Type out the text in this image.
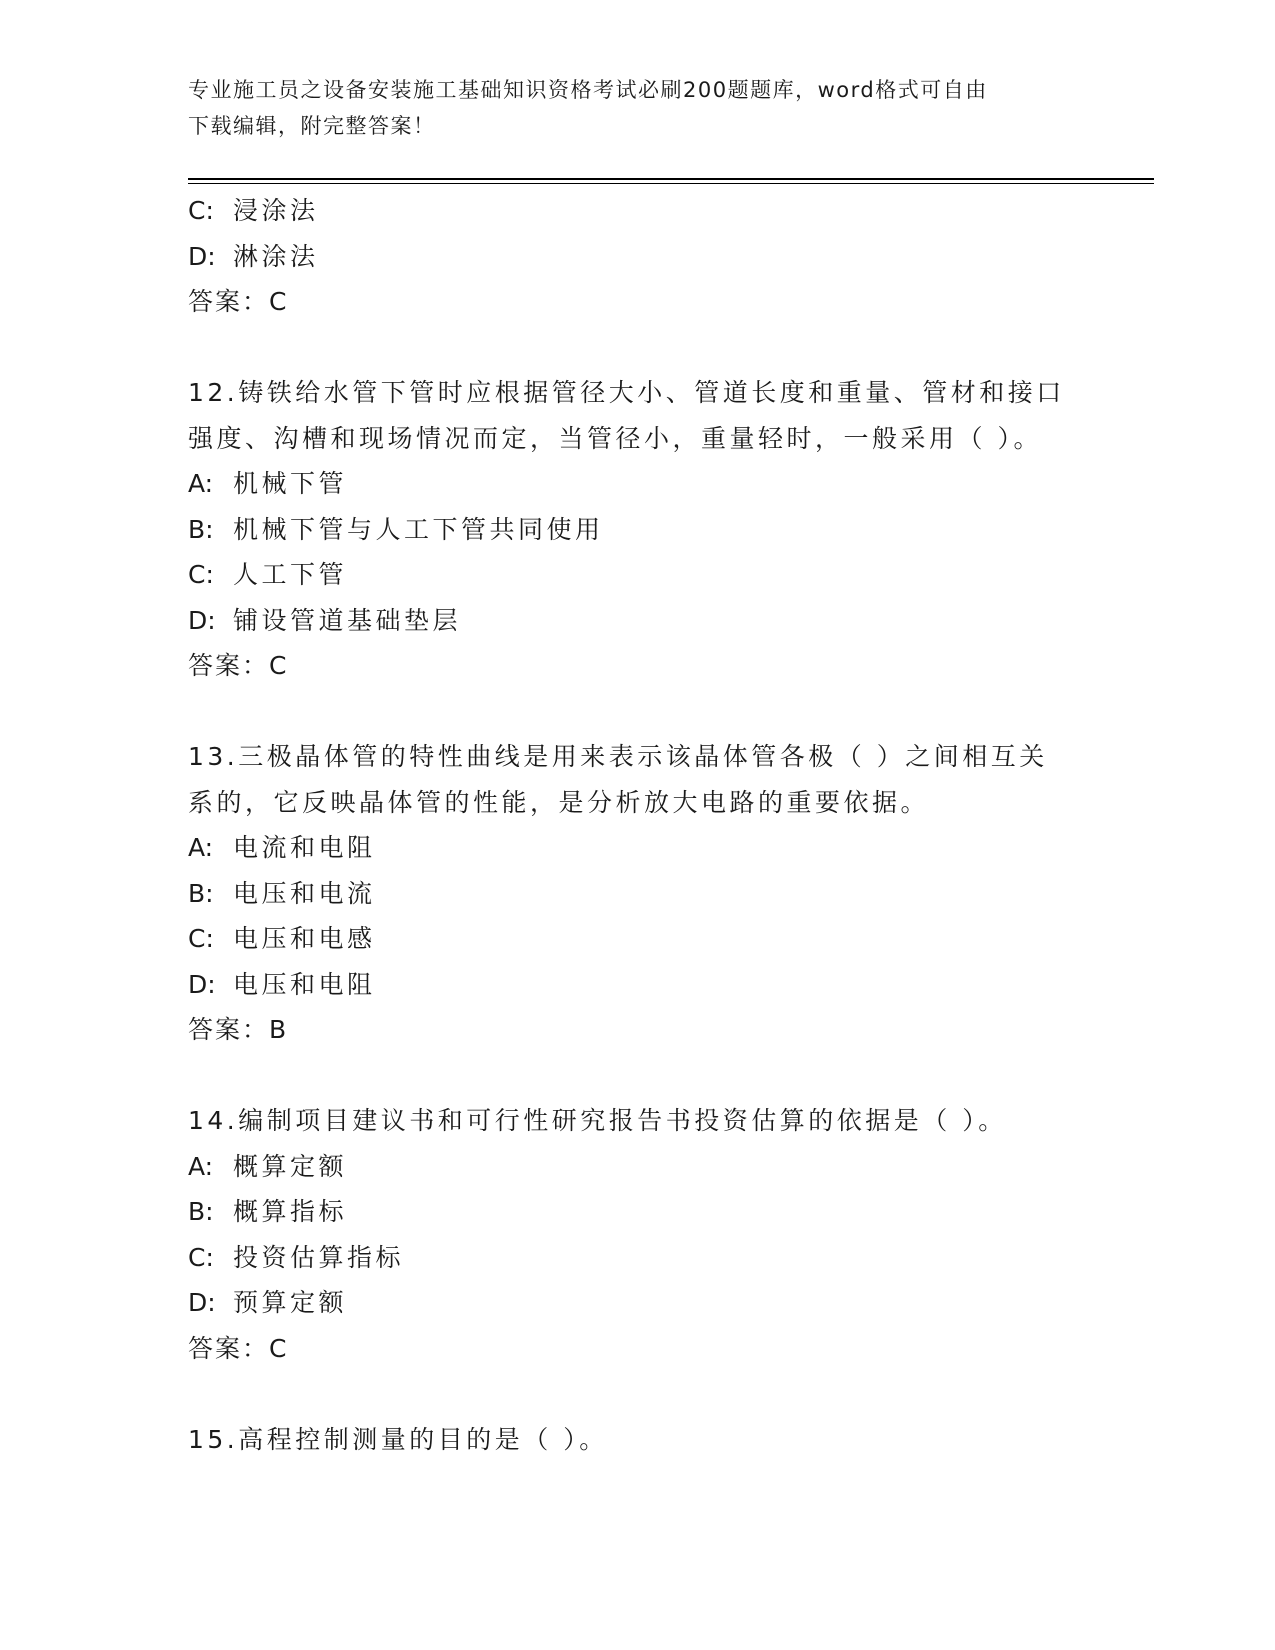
专业施工员之设备安装施工基础知识资格考试必刷200题题库，word格式可自由
下载编辑，附完整答案！
C: 浸涂法
D: 淋涂法
答案：C
12.铸铁给水管下管时应根据管径大小、管道长度和重量、管材和接口
强度、沟槽和现场情况而定，当管径小，重量轻时，一般采用（ ）。
A: 机械下管
B: 机械下管与人工下管共同使用
C: 人工下管
D: 铺设管道基础垫层
答案：C
13.三极晶体管的特性曲线是用来表示该晶体管各极（ ）之间相互关
系的，它反映晶体管的性能，是分析放大电路的重要依据。
A: 电流和电阻
B: 电压和电流
C: 电压和电感
D: 电压和电阻
答案：B
14.编制项目建议书和可行性研究报告书投资估算的依据是（ ）。
A: 概算定额
B: 概算指标
C: 投资估算指标
D: 预算定额
答案：C
15.高程控制测量的目的是（ ）。
